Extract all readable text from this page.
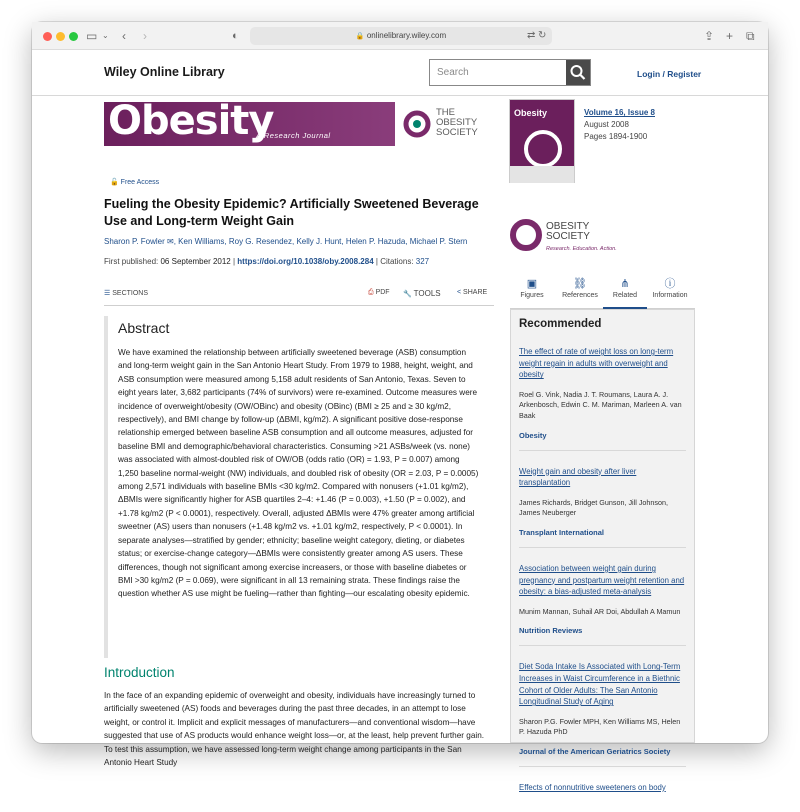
▭ ⌄ ‹ ›	◐	🔒 onlinelibrary.wiley.com	⇄ ↻	⇪ + ⧉
Wiley Online Library	Search	Login / Register
Obesity
A Research Journal
THE
OBESITY
SOCIETY
🔓 Free Access
Fueling the Obesity Epidemic? Artificially Sweetened Beverage Use and Long-term Weight Gain
Sharon P. Fowler ✉, Ken Williams, Roy G. Resendez, Kelly J. Hunt, Helen P. Hazuda, Michael P. Stern
First published: 06 September 2012 | https://doi.org/10.1038/oby.2008.284 | Citations: 327
☰ SECTIONS	⎙ PDF 🔧 TOOLS < SHARE
Abstract

We have examined the relationship between artificially sweetened beverage (ASB) consumption and long-term weight gain in the San Antonio Heart Study. From 1979 to 1988, height, weight, and ASB consumption were measured among 5,158 adult residents of San Antonio, Texas. Seven to eight years later, 3,682 participants (74% of survivors) were re-examined. Outcome measures were incidence of overweight/obesity (OW/OBinc) and obesity (OBinc) (BMI ≥ 25 and ≥ 30 kg/m2, respectively), and BMI change by follow-up (ΔBMI, kg/m2). A significant positive dose-response relationship emerged between baseline ASB consumption and all outcome measures, adjusted for baseline BMI and demographic/behavioral characteristics. Consuming >21 ASBs/week (vs. none) was associated with almost-doubled risk of OW/OB (odds ratio (OR) = 1.93, P = 0.007) among 1,250 baseline normal-weight (NW) individuals, and doubled risk of obesity (OR = 2.03, P = 0.0005) among 2,571 individuals with baseline BMIs <30 kg/m2. Compared with nonusers (+1.01 kg/m2), ΔBMIs were significantly higher for ASB quartiles 2–4: +1.46 (P = 0.003), +1.50 (P = 0.002), and +1.78 kg/m2 (P < 0.0001), respectively. Overall, adjusted ΔBMIs were 47% greater among artificial sweetner (AS) users than nonusers (+1.48 kg/m2 vs. +1.01 kg/m2, respectively, P < 0.0001). In separate analyses—stratified by gender; ethnicity; baseline weight category, dieting, or diabetes status; or exercise-change category—ΔBMIs were consistently greater among AS users. These differences, though not significant among exercise increasers, or those with baseline diabetes or BMI >30 kg/m2 (P = 0.069), were significant in all 13 remaining strata. These findings raise the question whether AS use might be fueling—rather than fighting—our escalating obesity epidemic.

Introduction
In the face of an expanding epidemic of overweight and obesity, individuals have increasingly turned to artificially sweetened (AS) foods and beverages during the past three decades, in an attempt to lose weight, or control it. Implicit and explicit messages of manufacturers—and conventional wisdom—have suggested that use of AS products would enhance weight loss—or, at the least, help prevent further gain. To test this assumption, we have assessed long-term weight change among participants in the San Antonio Heart Study
Obesity	Volume 16, Issue 8
August 2008
Pages 1894-1900
OBESITY
SOCIETY
Research. Education. Action.
▣
Figures
⛓
References
⋔
Related
ⓘ
Information
Recommended
The effect of rate of weight loss on long-term weight regain in adults with overweight and obesity
Roel G. Vink, Nadia J. T. Roumans, Laura A. J. Arkenbosch, Edwin C. M. Mariman, Marleen A. van Baak
Obesity
Weight gain and obesity after liver transplantation
James Richards, Bridget Gunson, Jill Johnson, James Neuberger
Transplant International
Association between weight gain during pregnancy and postpartum weight retention and obesity: a bias-adjusted meta-analysis
Munim Mannan, Suhail AR Doi, Abdullah A Mamun
Nutrition Reviews
Diet Soda Intake Is Associated with Long-Term Increases in Waist Circumference in a Biethnic Cohort of Older Adults: The San Antonio Longitudinal Study of Aging
Sharon P.G. Fowler MPH, Ken Williams MS, Helen P. Hazuda PhD
Journal of the American Geriatrics Society
Effects of nonnutritive sweeteners on body
